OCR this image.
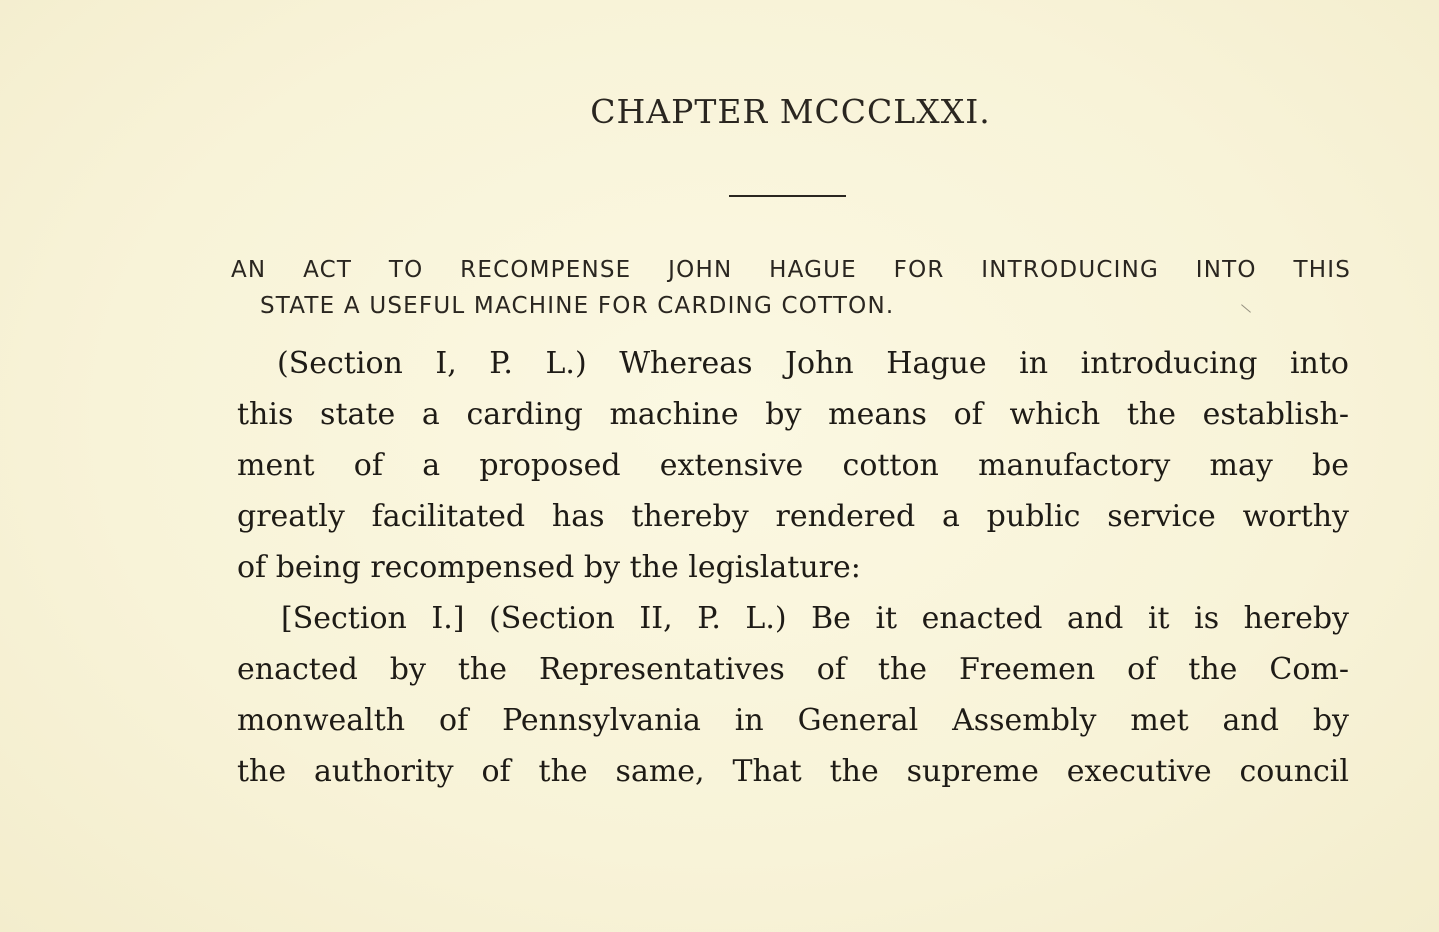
CHAPTER MCCCLXXI.
AN ACT TO RECOMPENSE JOHN HAGUE FOR INTRODUCING INTO THIS
STATE A USEFUL MACHINE FOR CARDING COTTON.
(Section I, P. L.) Whereas John Hague in introducing into
this state a carding machine by means of which the establish-
ment of a proposed extensive cotton manufactory may be
greatly facilitated has thereby rendered a public service worthy
of being recompensed by the legislature:
[Section I.] (Section II, P. L.) Be it enacted and it is hereby
enacted by the Representatives of the Freemen of the Com-
monwealth of Pennsylvania in General Assembly met and by
the authority of the same, That the supreme executive council
